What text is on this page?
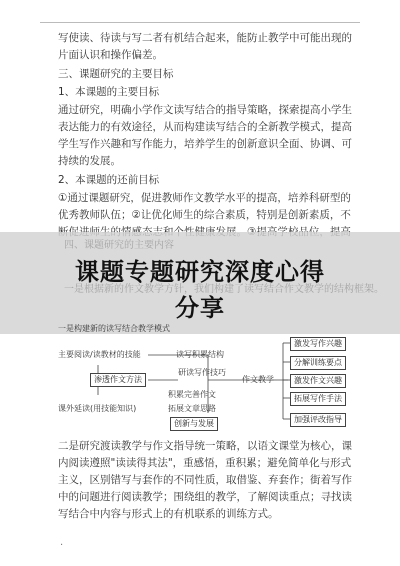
写使读、待读与写二者有机结合起来，能防止教学中可能出现的片面认识和操作偏差。
三、课题研究的主要目标
1、本课题的主要目标
通过研究，明确小学作文读写结合的指导策略，探索提高小学生表达能力的有效途径，从而构建读写结合的全新教学模式，提高学生写作兴趣和写作能力，培养学生的创新意识全面、协调、可持续的发展。
2、本课题的还前目标
①通过课题研究，促进教师作文教学水平的提高，培养科研型的优秀教师队伍；②让优化师生的综合素质，特别是创新素质，不
四、课题研究的主要内容
一是根据新的作文教学方针，我们构建了读写结合作文教学的结构框架。
课题专题研究深度心得
分享
一是构建新的读写结合教学模式
主要阅读/读教材的技能	读写积累结构
渗透作文方法
研读写作技巧
课外延读(用技能知识)
积累完善作文
拓展文章思路
创新与发展
作文教学
激发写作兴趣
分解训练要点
激发作文兴趣
拓展写作手法
加强评改指导
二是研究渡读教学与作文指导统一策略，以语文课堂为核心，课内阅读遵照"读读得其法"，重感悟，重积累；避免简单化与形式主义，区别错写与套作的不同性质，取借鉴、弃套作；街着写作中的问题进行阅读教学；围绕组的教学，了解阅读重点；寻找读写结合中内容与形式上的有机联系的训练方式。
·
